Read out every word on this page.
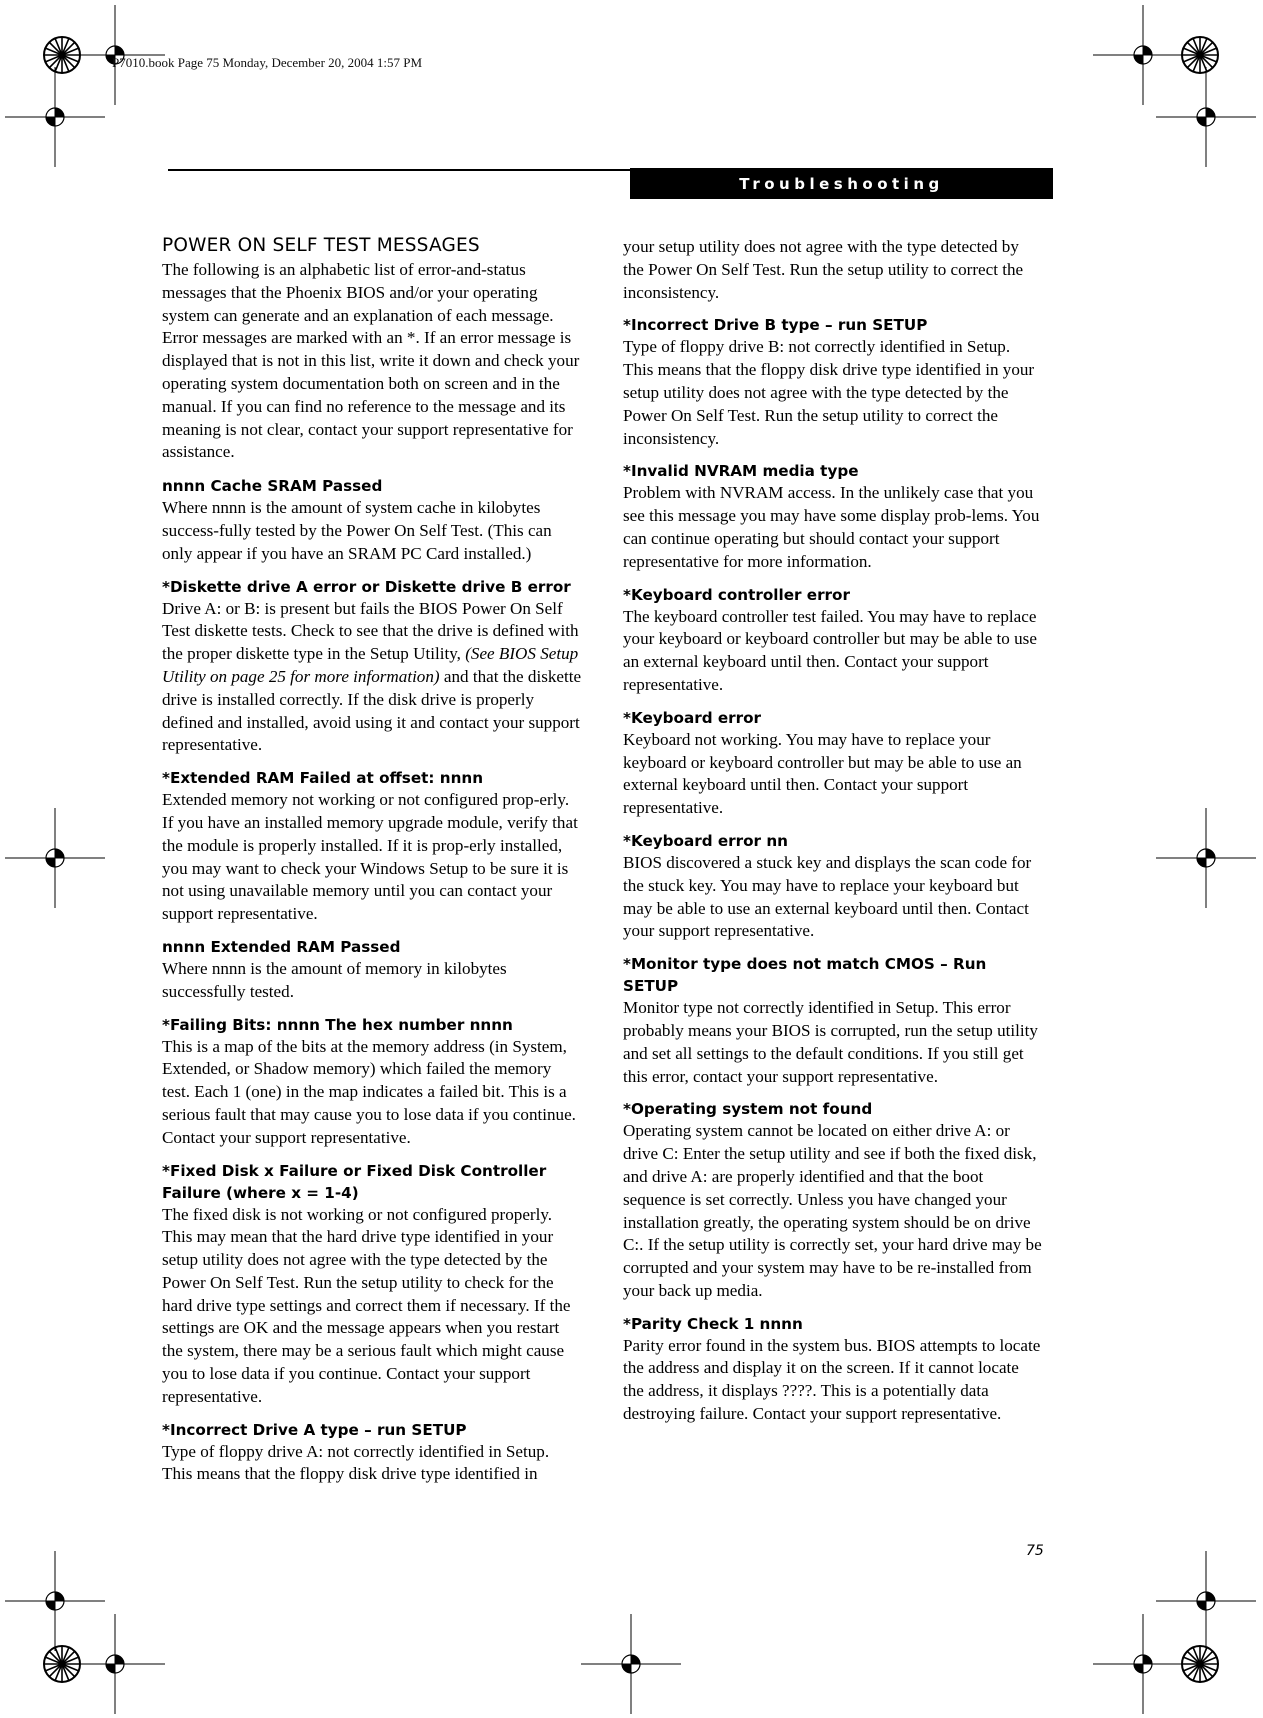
P7010.book Page 75 Monday, December 20, 2004 1:57 PM
Troubleshooting
POWER ON SELF TEST MESSAGES
The following is an alphabetic list of error-and-status messages that the Phoenix BIOS and/or your operating system can generate and an explanation of each message. Error messages are marked with an *. If an error message is displayed that is not in this list, write it down and check your operating system documentation both on screen and in the manual. If you can find no reference to the message and its meaning is not clear, contact your support representative for assistance.
nnnn Cache SRAM Passed
Where nnnn is the amount of system cache in kilobytes success-fully tested by the Power On Self Test. (This can only appear if you have an SRAM PC Card installed.)
*Diskette drive A error or Diskette drive B error
Drive A: or B: is present but fails the BIOS Power On Self Test diskette tests. Check to see that the drive is defined with the proper diskette type in the Setup Utility, (See BIOS Setup Utility on page 25 for more information) and that the diskette drive is installed correctly. If the disk drive is properly defined and installed, avoid using it and contact your support representative.
*Extended RAM Failed at offset: nnnn
Extended memory not working or not configured prop-erly. If you have an installed memory upgrade module, verify that the module is properly installed. If it is prop-erly installed, you may want to check your Windows Setup to be sure it is not using unavailable memory until you can contact your support representative.
nnnn Extended RAM Passed
Where nnnn is the amount of memory in kilobytes successfully tested.
*Failing Bits: nnnn The hex number nnnn
This is a map of the bits at the memory address (in System, Extended, or Shadow memory) which failed the memory test. Each 1 (one) in the map indicates a failed bit. This is a serious fault that may cause you to lose data if you continue. Contact your support representative.
*Fixed Disk x Failure or Fixed Disk Controller Failure (where x = 1-4)
The fixed disk is not working or not configured properly. This may mean that the hard drive type identified in your setup utility does not agree with the type detected by the Power On Self Test. Run the setup utility to check for the hard drive type settings and correct them if necessary. If the settings are OK and the message appears when you restart the system, there may be a serious fault which might cause you to lose data if you continue. Contact your support representative.
*Incorrect Drive A type – run SETUP
Type of floppy drive A: not correctly identified in Setup. This means that the floppy disk drive type identified in
your setup utility does not agree with the type detected by the Power On Self Test. Run the setup utility to correct the inconsistency.
*Incorrect Drive B type – run SETUP
Type of floppy drive B: not correctly identified in Setup. This means that the floppy disk drive type identified in your setup utility does not agree with the type detected by the Power On Self Test. Run the setup utility to correct the inconsistency.
*Invalid NVRAM media type
Problem with NVRAM access. In the unlikely case that you see this message you may have some display prob-lems. You can continue operating but should contact your support representative for more information.
*Keyboard controller error
The keyboard controller test failed. You may have to replace your keyboard or keyboard controller but may be able to use an external keyboard until then. Contact your support representative.
*Keyboard error
Keyboard not working. You may have to replace your keyboard or keyboard controller but may be able to use an external keyboard until then. Contact your support representative.
*Keyboard error nn
BIOS discovered a stuck key and displays the scan code for the stuck key. You may have to replace your keyboard but may be able to use an external keyboard until then. Contact your support representative.
*Monitor type does not match CMOS – Run SETUP
Monitor type not correctly identified in Setup. This error probably means your BIOS is corrupted, run the setup utility and set all settings to the default conditions. If you still get this error, contact your support representative.
*Operating system not found
Operating system cannot be located on either drive A: or drive C: Enter the setup utility and see if both the fixed disk, and drive A: are properly identified and that the boot sequence is set correctly. Unless you have changed your installation greatly, the operating system should be on drive C:. If the setup utility is correctly set, your hard drive may be corrupted and your system may have to be re-installed from your back up media.
*Parity Check 1 nnnn
Parity error found in the system bus. BIOS attempts to locate the address and display it on the screen. If it cannot locate the address, it displays ????. This is a potentially data destroying failure. Contact your support representative.
75
